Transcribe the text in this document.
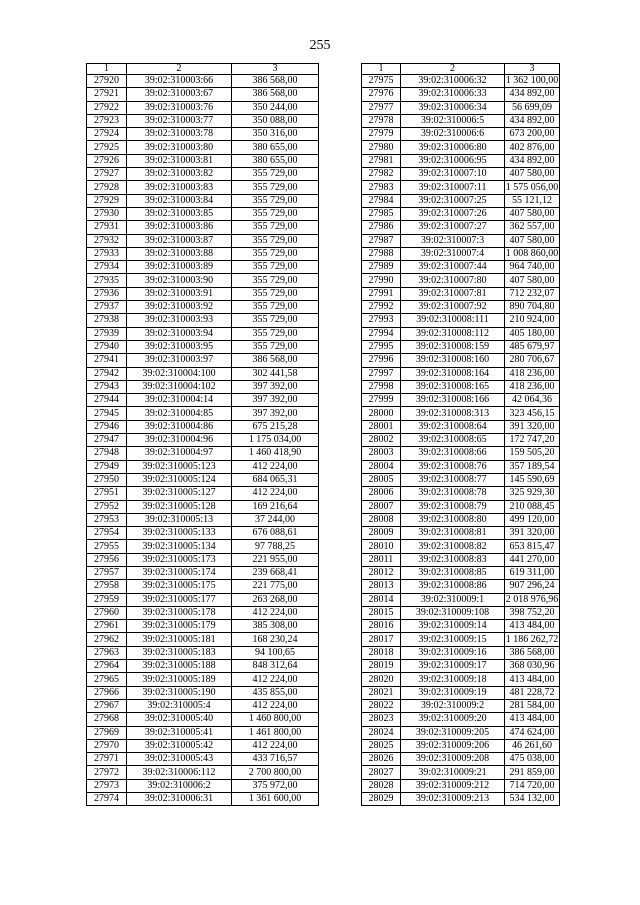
255
1	2	3
27920	39:02:310003:66	386 568,00
27921	39:02:310003:67	386 568,00
27922	39:02:310003:76	350 244,00
27923	39:02:310003:77	350 088,00
27924	39:02:310003:78	350 316,00
27925	39:02:310003:80	380 655,00
27926	39:02:310003:81	380 655,00
27927	39:02:310003:82	355 729,00
27928	39:02:310003:83	355 729,00
27929	39:02:310003:84	355 729,00
27930	39:02:310003:85	355 729,00
27931	39:02:310003:86	355 729,00
27932	39:02:310003:87	355 729,00
27933	39:02:310003:88	355 729,00
27934	39:02:310003:89	355 729,00
27935	39:02:310003:90	355 729,00
27936	39:02:310003:91	355 729,00
27937	39:02:310003:92	355 729,00
27938	39:02:310003:93	355 729,00
27939	39:02:310003:94	355 729,00
27940	39:02:310003:95	355 729,00
27941	39:02:310003:97	386 568,00
27942	39:02:310004:100	302 441,58
27943	39:02:310004:102	397 392,00
27944	39:02:310004:14	397 392,00
27945	39:02:310004:85	397 392,00
27946	39:02:310004:86	675 215,28
27947	39:02:310004:96	1 175 034,00
27948	39:02:310004:97	1 460 418,90
27949	39:02:310005:123	412 224,00
27950	39:02:310005:124	684 065,31
27951	39:02:310005:127	412 224,00
27952	39:02:310005:128	169 216,64
27953	39:02:310005:13	37 244,00
27954	39:02:310005:133	676 088,61
27955	39:02:310005:134	97 788,25
27956	39:02:310005:173	221 955,00
27957	39:02:310005:174	239 668,41
27958	39:02:310005:175	221 775,00
27959	39:02:310005:177	263 268,00
27960	39:02:310005:178	412 224,00
27961	39:02:310005:179	385 308,00
27962	39:02:310005:181	168 230,24
27963	39:02:310005:183	94 100,65
27964	39:02:310005:188	848 312,64
27965	39:02:310005:189	412 224,00
27966	39:02:310005:190	435 855,00
27967	39:02:310005:4	412 224,00
27968	39:02:310005:40	1 460 800,00
27969	39:02:310005:41	1 461 800,00
27970	39:02:310005:42	412 224,00
27971	39:02:310005:43	433 716,57
27972	39:02:310006:112	2 700 800,00
27973	39:02:310006:2	375 972,00
27974	39:02:310006:31	1 361 600,00
1	2	3
27975	39:02:310006:32	1 362 100,00
27976	39:02:310006:33	434 892,00
27977	39:02:310006:34	56 699,09
27978	39:02:310006:5	434 892,00
27979	39:02:310006:6	673 200,00
27980	39:02:310006:80	402 876,00
27981	39:02:310006:95	434 892,00
27982	39:02:310007:10	407 580,00
27983	39:02:310007:11	1 575 056,00
27984	39:02:310007:25	55 121,12
27985	39:02:310007:26	407 580,00
27986	39:02:310007:27	362 557,00
27987	39:02:310007:3	407 580,00
27988	39:02:310007:4	1 008 860,00
27989	39:02:310007:44	964 740,00
27990	39:02:310007:80	407 580,00
27991	39:02:310007:81	712 232,07
27992	39:02:310007:92	890 704,80
27993	39:02:310008:111	210 924,00
27994	39:02:310008:112	405 180,00
27995	39:02:310008:159	485 679,97
27996	39:02:310008:160	280 706,67
27997	39:02:310008:164	418 236,00
27998	39:02:310008:165	418 236,00
27999	39:02:310008:166	42 064,36
28000	39:02:310008:313	323 456,15
28001	39:02:310008:64	391 320,00
28002	39:02:310008:65	172 747,20
28003	39:02:310008:66	159 505,20
28004	39:02:310008:76	357 189,54
28005	39:02:310008:77	145 590,69
28006	39:02:310008:78	325 929,30
28007	39:02:310008:79	210 088,45
28008	39:02:310008:80	499 120,00
28009	39:02:310008:81	391 320,00
28010	39:02:310008:82	653 815,47
28011	39:02:310008:83	441 270,00
28012	39:02:310008:85	619 311,00
28013	39:02:310008:86	907 296,24
28014	39:02:310009:1	2 018 976,96
28015	39:02:310009:108	398 752,20
28016	39:02:310009:14	413 484,00
28017	39:02:310009:15	1 186 262,72
28018	39:02:310009:16	386 568,00
28019	39:02:310009:17	368 030,96
28020	39:02:310009:18	413 484,00
28021	39:02:310009:19	481 228,72
28022	39:02:310009:2	281 584,00
28023	39:02:310009:20	413 484,00
28024	39:02:310009:205	474 624,00
28025	39:02:310009:206	46 261,60
28026	39:02:310009:208	475 038,00
28027	39:02:310009:21	291 859,00
28028	39:02:310009:212	714 720,00
28029	39:02:310009:213	534 132,00
